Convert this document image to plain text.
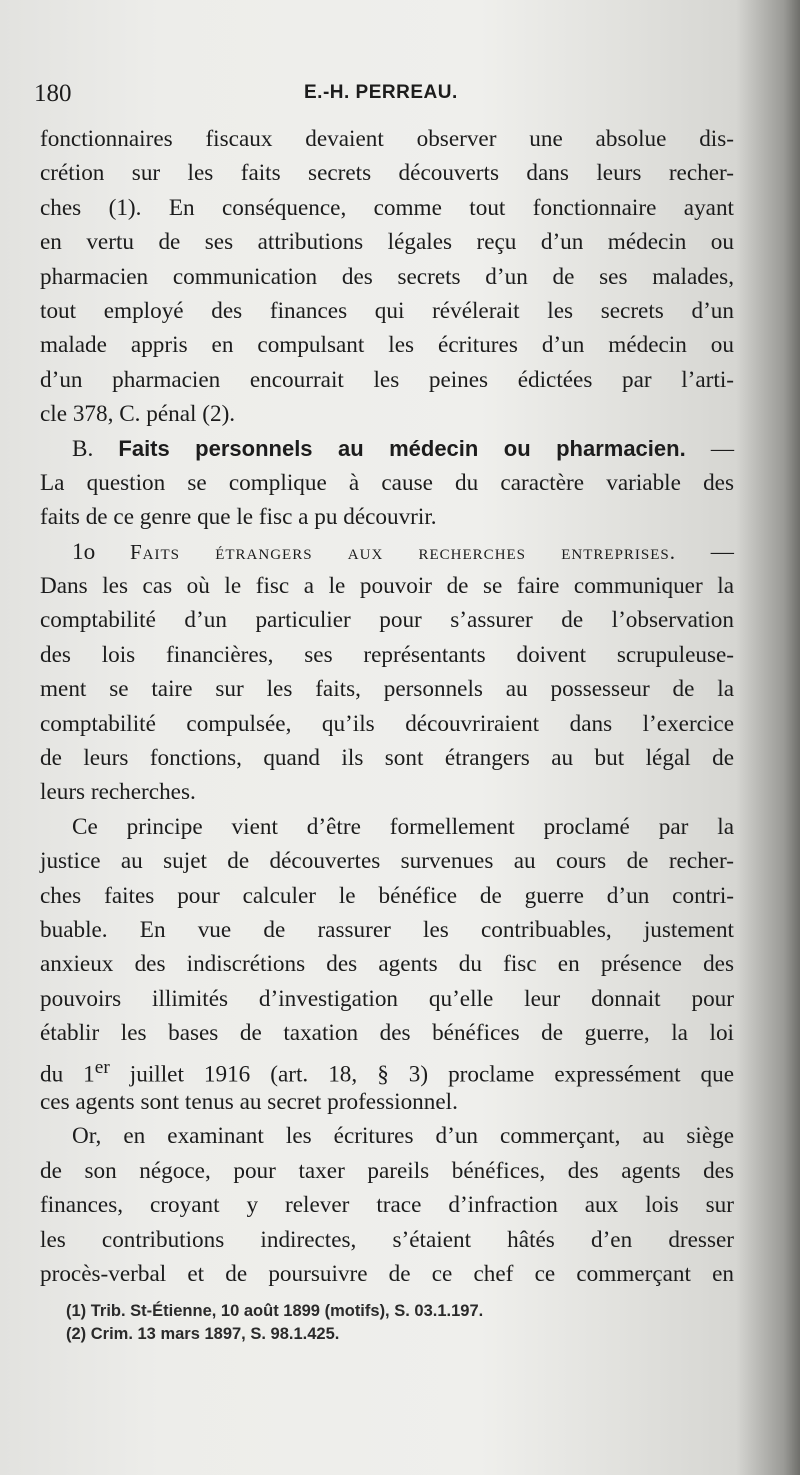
180	E.-H. PERREAU.
fonctionnaires fiscaux devaient observer une absolue dis-
crétion sur les faits secrets découverts dans leurs recher-
ches (1). En conséquence, comme tout fonctionnaire ayant
en vertu de ses attributions légales reçu d’un médecin ou
pharmacien communication des secrets d’un de ses malades,
tout employé des finances qui révélerait les secrets d’un
malade appris en compulsant les écritures d’un médecin ou
d’un pharmacien encourrait les peines édictées par l’arti-
cle 378, C. pénal (2).
B. Faits personnels au médecin ou pharmacien. —
La question se complique à cause du caractère variable des
faits de ce genre que le fisc a pu découvrir.
1o Faits étrangers aux recherches entreprises. —
Dans les cas où le fisc a le pouvoir de se faire communiquer la
comptabilité d’un particulier pour s’assurer de l’observation
des lois financières, ses représentants doivent scrupuleuse-
ment se taire sur les faits, personnels au possesseur de la
comptabilité compulsée, qu’ils découvriraient dans l’exercice
de leurs fonctions, quand ils sont étrangers au but légal de
leurs recherches.
Ce principe vient d’être formellement proclamé par la
justice au sujet de découvertes survenues au cours de recher-
ches faites pour calculer le bénéfice de guerre d’un contri-
buable. En vue de rassurer les contribuables, justement
anxieux des indiscrétions des agents du fisc en présence des
pouvoirs illimités d’investigation qu’elle leur donnait pour
établir les bases de taxation des bénéfices de guerre, la loi
du 1er juillet 1916 (art. 18, § 3) proclame expressément que
ces agents sont tenus au secret professionnel.
Or, en examinant les écritures d’un commerçant, au siège
de son négoce, pour taxer pareils bénéfices, des agents des
finances, croyant y relever trace d’infraction aux lois sur
les contributions indirectes, s’étaient hâtés d’en dresser
procès-verbal et de poursuivre de ce chef ce commerçant en
(1) Trib. St-Étienne, 10 août 1899 (motifs), S. 03.1.197.
(2) Crim. 13 mars 1897, S. 98.1.425.
